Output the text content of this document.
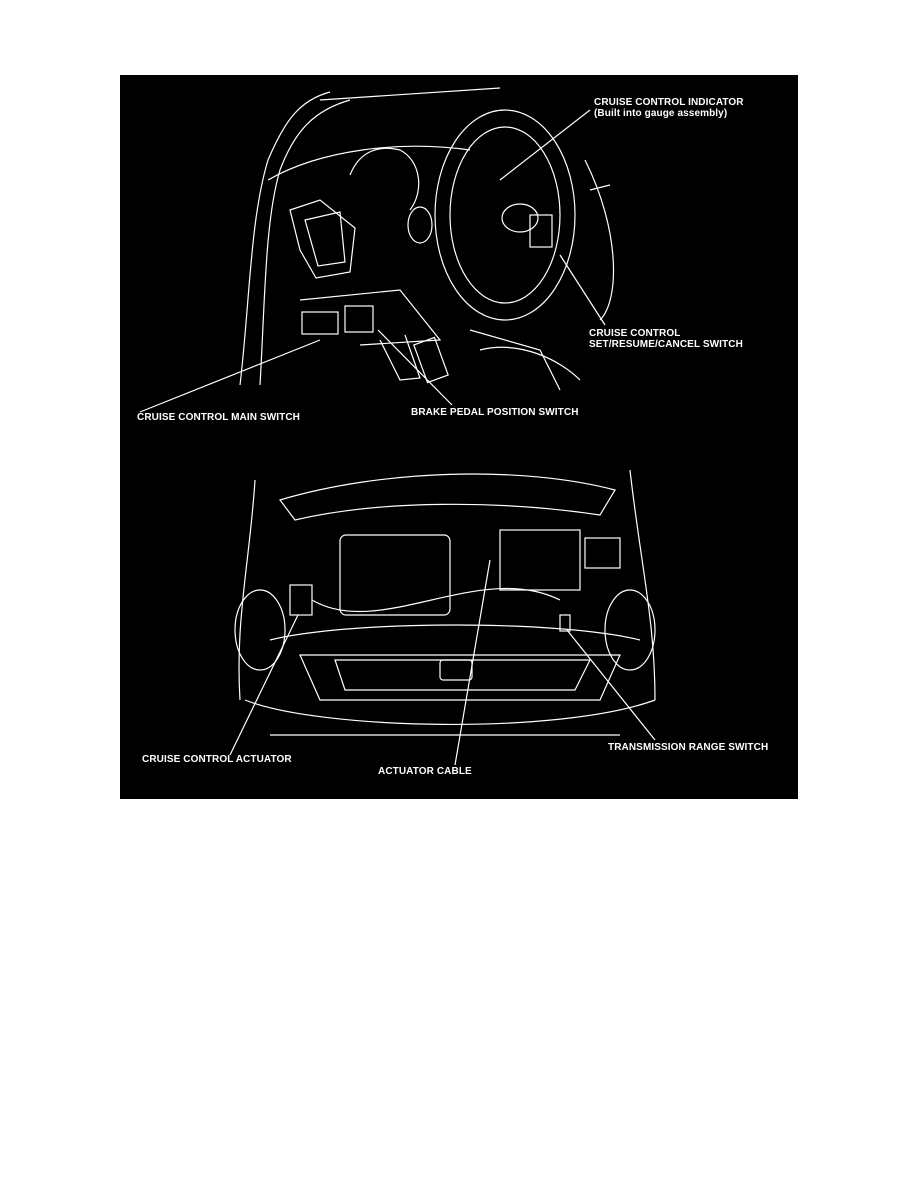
CRUISE CONTROL INDICATOR
(Built into gauge assembly)
CRUISE CONTROL
SET/RESUME/CANCEL SWITCH
CRUISE CONTROL MAIN SWITCH	BRAKE PEDAL POSITION SWITCH
CRUISE CONTROL ACTUATOR
ACTUATOR CABLE
TRANSMISSION RANGE SWITCH
